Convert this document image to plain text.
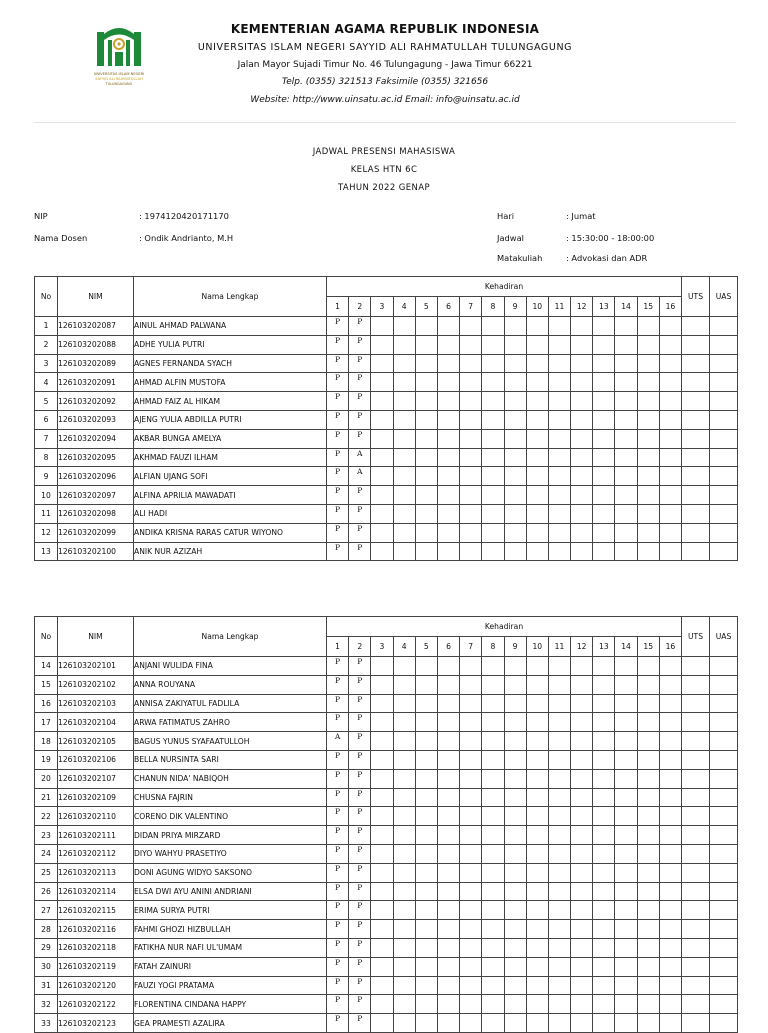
UNIVERSITAS ISLAM NEGERI
SAYYID ALI RAHMATULLAH
TULUNGAGUNG
KEMENTERIAN AGAMA REPUBLIK INDONESIA
UNIVERSITAS ISLAM NEGERI SAYYID ALI RAHMATULLAH TULUNGAGUNG
Jalan Mayor Sujadi Timur No. 46 Tulungagung - Jawa Timur 66221
Telp. (0355) 321513 Faksimile (0355) 321656
Website: http://www.uinsatu.ac.id Email: info@uinsatu.ac.id
JADWAL PRESENSI MAHASISWA
KELAS HTN 6C
TAHUN 2022 GENAP
NIP	: 1974120420171170
Nama Dosen	: Ondik Andrianto, M.H
Hari	: Jumat
Jadwal	: 15:30:00 - 18:00:00
Matakuliah	: Advokasi dan ADR
No	NIM	Nama Lengkap	Kehadiran																UTS	UAS
			1	2	3	4	5	6	7	8	9	10	11	12	13	14	15	16		
1	126103202087	AINUL AHMAD PALWANA	P	P																
2	126103202088	ADHE YULIA PUTRI	P	P																
3	126103202089	AGNES FERNANDA SYACH	P	P																
4	126103202091	AHMAD ALFIN MUSTOFA	P	P																
5	126103202092	AHMAD FAIZ AL HIKAM	P	P																
6	126103202093	AJENG YULIA ABDILLA PUTRI	P	P																
7	126103202094	AKBAR BUNGA AMELYA	P	P																
8	126103202095	AKHMAD FAUZI ILHAM	P	A																
9	126103202096	ALFIAN UJANG SOFI	P	A																
10	126103202097	ALFINA APRILIA MAWADATI	P	P																
11	126103202098	ALI HADI	P	P																
12	126103202099	ANDIKA KRISNA RARAS CATUR WIYONO	P	P																
13	126103202100	ANIK NUR AZIZAH	P	P																
No	NIM	Nama Lengkap	Kehadiran																UTS	UAS
			1	2	3	4	5	6	7	8	9	10	11	12	13	14	15	16		
14	126103202101	ANJANI WULIDA FINA	P	P																
15	126103202102	ANNA ROUYANA	P	P																
16	126103202103	ANNISA ZAKIYATUL FADLILA	P	P																
17	126103202104	ARWA FATIMATUS ZAHRO	P	P																
18	126103202105	BAGUS YUNUS SYAFAATULLOH	A	P																
19	126103202106	BELLA NURSINTA SARI	P	P																
20	126103202107	CHANUN NIDA' NABIQOH	P	P																
21	126103202109	CHUSNA FAJRIN	P	P																
22	126103202110	CORENO DIK VALENTINO	P	P																
23	126103202111	DIDAN PRIYA MIRZARD	P	P																
24	126103202112	DIYO WAHYU PRASETIYO	P	P																
25	126103202113	DONI AGUNG WIDYO SAKSONO	P	P																
26	126103202114	ELSA DWI AYU ANINI ANDRIANI	P	P																
27	126103202115	ERIMA SURYA PUTRI	P	P																
28	126103202116	FAHMI GHOZI HIZBULLAH	P	P																
29	126103202118	FATIKHA NUR NAFI UL'UMAM	P	P																
30	126103202119	FATAH ZAINURI	P	P																
31	126103202120	FAUZI YOGI PRATAMA	P	P																
32	126103202122	FLORENTINA CINDANA HAPPY	P	P																
33	126103202123	GEA PRAMESTI AZALIRA	P	P																
